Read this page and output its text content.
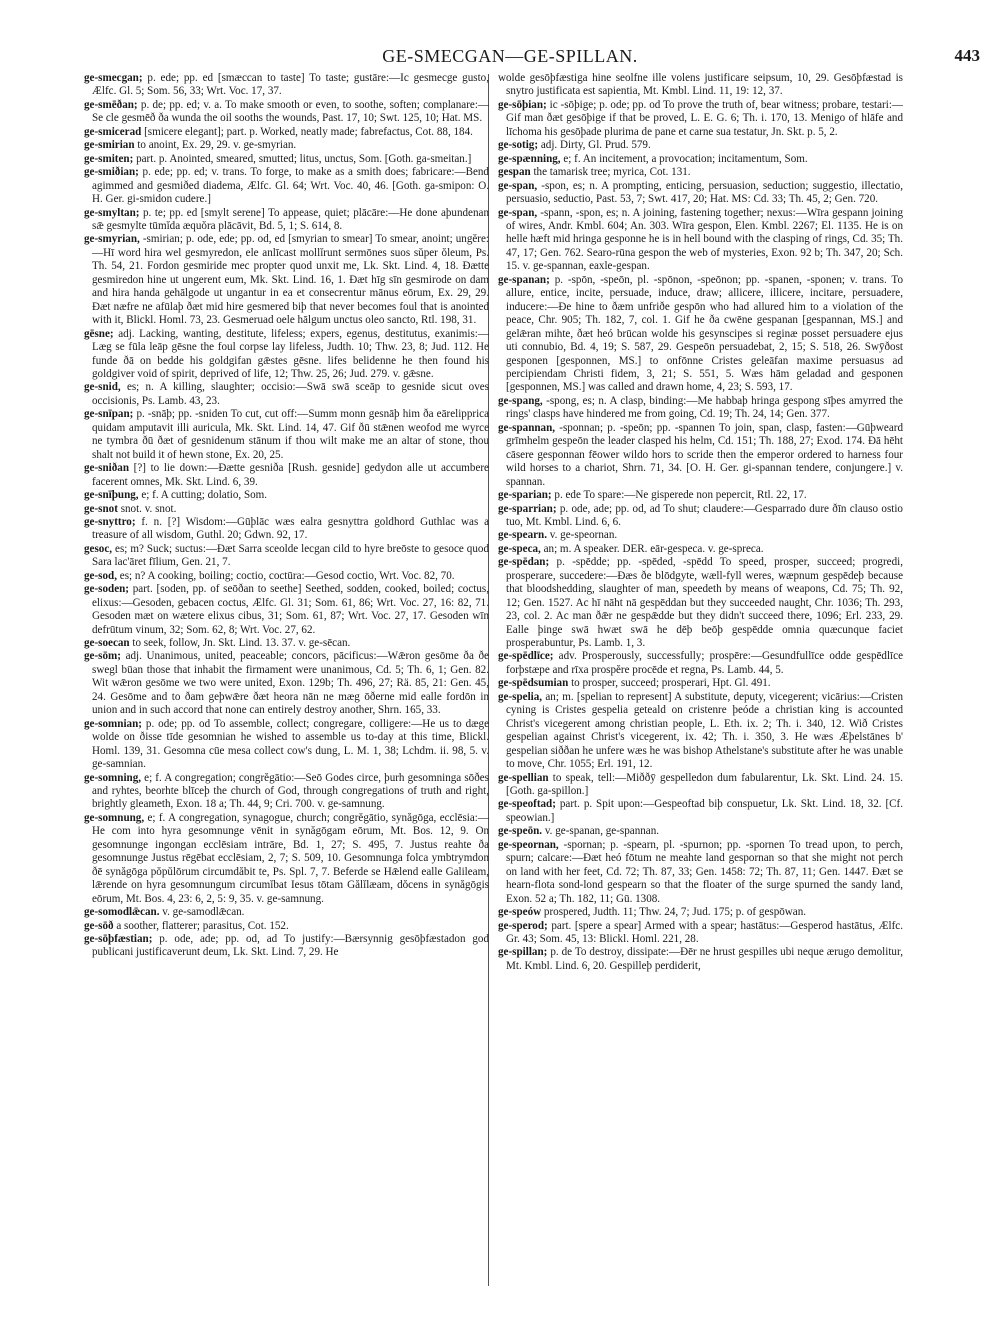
GE-SMECGAN—GE-SPILLAN.	443

ge-smecgan; p. ede; pp. ed [smæccan to taste] To taste; gustāre:—Ic gesmecge gusto, Ælfc. Gl. 5; Som. 56, 33; Wrt. Voc. 17, 37.

ge-smēðan; p. de; pp. ed; v. a. To make smooth or even, to soothe, soften; complanare:—Se cle gesmēð ða wunda the oil sooths the wounds, Past. 17, 10; Swt. 125, 10; Hat. MS.

ge-smicerad [smicere elegant]; part. p. Worked, neatly made; fabrefactus, Cot. 88, 184.

ge-smirian to anoint, Ex. 29, 29. v. ge-smyrian.

ge-smiten; part. p. Anointed, smeared, smutted; litus, unctus, Som. [Goth. ga-smeitan.]

ge-smiðian; p. ede; pp. ed; v. trans. To forge, to make as a smith does; fabricare:—Bend agimmed and gesmiðed diadema, Ælfc. Gl. 64; Wrt. Voc. 40, 46. [Goth. ga-smipon: O. H. Ger. gi-smidon cudere.]

ge-smyltan; p. te; pp. ed [smylt serene] To appease, quiet; plācāre:—He done aþundenan sǣ gesmylte tūmĭda æquŏra plācāvit, Bd. 5, 1; S. 614, 8.

ge-smyrian, -smirian; p. ode, ede; pp. od, ed [smyrian to smear] To smear, anoint; ungĕre:—Hī word hira wel gesmyredon, ele anlīcast mollĭrunt sermōnes suos sŭper ŏleum, Ps. Th. 54, 21. Fordon gesmiride mec propter quod unxit me, Lk. Skt. Lind. 4, 18. Ðætte gesmiredon hine ut ungerent eum, Mk. Skt. Lind. 16, 1. Ðæt hīg sīn gesmirode on dam and hira handa gehālgode ut ungantur in ea et consecrentur mānus eōrum, Ex. 29, 29. Ðæt næfre ne afūlaþ ðæt mid hire gesmered biþ that never becomes foul that is anointed with it, Blickl. Homl. 73, 23. Gesmeruad oele hālgum unctus oleo sancto, Rtl. 198, 31.

gēsne; adj. Lacking, wanting, destitute, lifeless; expers, egenus, destitutus, exanimis:—Læg se fūla leāp gēsne the foul corpse lay lifeless, Judth. 10; Thw. 23, 8; Jud. 112. He funde ðā on bedde his goldgifan gǣstes gēsne. lifes belidenne he then found his goldgiver void of spirit, deprived of life, 12; Thw. 25, 26; Jud. 279. v. gǣsne.

ge-snid, es; n. A killing, slaughter; occisio:—Swā swā sceāp to gesnide sicut oves occisionis, Ps. Lamb. 43, 23.

ge-snīpan; p. -snāþ; pp. -sniden To cut, cut off:—Summ monn gesnāþ him ða eārelipprica quidam amputavit illi auricula, Mk. Skt. Lind. 14, 47. Gif ðū stǣnen weofod me wyrce ne tymbra ðū ðæt of gesnidenum stānum if thou wilt make me an altar of stone, thou shalt not build it of hewn stone, Ex. 20, 25.

ge-sniðan [?] to lie down:—Ðætte gesniða [Rush. gesnide] gedydon alle ut accumbere facerent omnes, Mk. Skt. Lind. 6, 39.

ge-snīþung, e; f. A cutting; dolatio, Som.

ge-snot snot. v. snot.

ge-snyttro; f. n. [?] Wisdom:—Gūþlāc wæs ealra gesnyttra goldhord Guthlac was a treasure of all wisdom, Guthl. 20; Gdwn. 92, 17.

gesoc, es; m? Suck; suctus:—Ðæt Sarra sceolde lecgan cild to hyre breōste to gesoce quod Sara lac'āret fīlium, Gen. 21, 7.

ge-sod, es; n? A cooking, boiling; coctio, coctūra:—Gesod coctio, Wrt. Voc. 82, 70.

ge-soden; part. [soden, pp. of seōðan to seethe] Seethed, sodden, cooked, boiled; coctus, elixus:—Gesoden, gebacen coctus, Ælfc. Gl. 31; Som. 61, 86; Wrt. Voc. 27, 16: 82, 71. Gesoden mæt on wætere elixus cibus, 31; Som. 61, 87; Wrt. Voc. 27, 17. Gesoden wīn defrūtum vinum, 32; Som. 62, 8; Wrt. Voc. 27, 62.

ge-soecan to seek, follow, Jn. Skt. Lind. 13. 37. v. ge-sēcan.

ge-sōm; adj. Unanimous, united, peaceable; concors, pācificus:—Wǣron gesōme ða ðe swegl būan those that inhabit the firmament were unanimous, Cd. 5; Th. 6, 1; Gen. 82. Wit wǣron gesōme we two were united, Exon. 129b; Th. 496, 27; Rä. 85, 21: Gen. 45, 24. Gesōme and to ðam geþwǣre ðæt heora nān ne mæg ōðerne mid ealle fordōn in union and in such accord that none can entirely destroy another, Shrn. 165, 33.

ge-somnian; p. ode; pp. od To assemble, collect; congregare, colligere:—He us to dæge wolde on ðisse tīde gesomnian he wished to assemble us to-day at this time, Blickl. Homl. 139, 31. Gesomna cūe mesa collect cow's dung, L. M. 1, 38; Lchdm. ii. 98, 5. v. ge-samnian.

ge-somning, e; f. A congregation; congrĕgātio:—Seō Godes circe, þurh gesomninga sōðes and ryhtes, beorhte blīceþ the church of God, through congregations of truth and right, brightly gleameth, Exon. 18 a; Th. 44, 9; Cri. 700. v. ge-samnung.

ge-somnung, e; f. A congregation, synagogue, church; congrĕgātio, synăgōga, ecclēsia:—He com into hyra gesomnunge vēnit in synăgōgam eōrum, Mt. Bos. 12, 9. On gesomnunge ingongan ecclēsiam intrāre, Bd. 1, 27; S. 495, 7. Justus reahte ða gesomnunge Justus rēgēbat ecclēsiam, 2, 7; S. 509, 10. Gesomnunga folca ymbtrymdon ðē synăgōga pŏpŭlōrum circumdăbit te, Ps. Spl. 7, 7. Beferde se Hǣlend ealle Galileam, lǣrende on hyra gesomnungum circumĭbat Iesus tōtam Gălĭlæam, dŏcens in synăgōgis eōrum, Mt. Bos. 4, 23: 6, 2, 5: 9, 35. v. ge-samnung.

ge-somodlǣcan. v. ge-samodlǣcan.

ge-sōð a soother, flatterer; parasitus, Cot. 152.

ge-sōþfæstian; p. ode, ade; pp. od, ad To justify:—Bærsynnig gesōþfæstadon god publicani justificaverunt deum, Lk. Skt. Lind. 7, 29. He

wolde gesōþfæstiga hine seolfne ille volens justificare seipsum, 10, 29. Gesōþfæstad is snytro justificata est sapientia, Mt. Kmbl. Lind. 11, 19: 12, 37.

ge-sōþian; ic -sōþige; p. ode; pp. od To prove the truth of, bear witness; probare, testari:—Gif man ðæt gesōþige if that be proved, L. E. G. 6; Th. i. 170, 13. Menigo of hlāfe and līchoma his gesōþade plurima de pane et carne sua testatur, Jn. Skt. p. 5, 2.

ge-sotig; adj. Dirty, Gl. Prud. 579.

ge-spænning, e; f. An incitement, a provocation; incitamentum, Som.

gespan the tamarisk tree; myrica, Cot. 131.

ge-span, -spon, es; n. A prompting, enticing, persuasion, seduction; suggestio, illectatio, persuasio, seductio, Past. 53, 7; Swt. 417, 20; Hat. MS: Cd. 33; Th. 45, 2; Gen. 720.

ge-span, -spann, -spon, es; n. A joining, fastening together; nexus:—Wīra gespann joining of wires, Andr. Kmbl. 604; An. 303. Wīra gespon, Elen. Kmbl. 2267; El. 1135. He is on helle hæft mid hringa gesponne he is in hell bound with the clasping of rings, Cd. 35; Th. 47, 17; Gen. 762. Searo-rūna gespon the web of mysteries, Exon. 92 b; Th. 347, 20; Sch. 15. v. ge-spannan, eaxle-gespan.

ge-spanan; p. -spōn, -speōn, pl. -spōnon, -speōnon; pp. -spanen, -sponen; v. trans. To allure, entice, incite, persuade, induce, draw; allicere, illicere, incitare, persuadere, inducere:—Ðe hine to ðæm unfriðe gespōn who had allured him to a violation of the peace, Chr. 905; Th. 182, 7, col. 1. Gif he ða cwēne gespanan [gespannan, MS.] and gelǣran mihte, ðæt heó brūcan wolde his gesynscipes si reginæ posset persuadere ejus uti connubio, Bd. 4, 19; S. 587, 29. Gespeōn persuadebat, 2, 15; S. 518, 26. Swȳðost gesponen [gesponnen, MS.] to onfōnne Cristes geleāfan maxime persuasus ad percipiendam Christi fidem, 3, 21; S. 551, 5. Wæs hām geladad and gesponen [gesponnen, MS.] was called and drawn home, 4, 23; S. 593, 17.

ge-spang, -spong, es; n. A clasp, binding:—Me habbaþ hringa gespong sīþes amyrred the rings' clasps have hindered me from going, Cd. 19; Th. 24, 14; Gen. 377.

ge-spannan, -sponnan; p. -speōn; pp. -spannen To join, span, clasp, fasten:—Gūþweard grīmhelm gespeōn the leader clasped his helm, Cd. 151; Th. 188, 27; Exod. 174. Ðā hēht cāsere gesponnan fēower wildo hors to scride then the emperor ordered to harness four wild horses to a chariot, Shrn. 71, 34. [O. H. Ger. gi-spannan tendere, conjungere.] v. spannan.

ge-sparian; p. ede To spare:—Ne gisperede non pepercit, Rtl. 22, 17.

ge-sparrian; p. ode, ade; pp. od, ad To shut; claudere:—Gesparrado dure ðīn clauso ostio tuo, Mt. Kmbl. Lind. 6, 6.

ge-spearn. v. ge-speornan.

ge-speca, an; m. A speaker. DER. eār-gespeca. v. ge-spreca.

ge-spēdan; p. -spēdde; pp. -spēded, -spēdd To speed, prosper, succeed; progredi, prosperare, succedere:—Ðæs ðe blōdgyte, wæll-fyll weres, wæpnum gespēdeþ because that bloodshedding, slaughter of man, speedeth by means of weapons, Cd. 75; Th. 92, 12; Gen. 1527. Ac hī nāht nā gespēddan but they succeeded naught, Chr. 1036; Th. 293, 23, col. 2. Ac man ðǣr ne gespǣdde but they didn't succeed there, 1096; Erl. 233, 29. Ealle þinge swā hwæt swā he dēþ beōþ gespēdde omnia quæcunque faciet prosperabuntur, Ps. Lamb. 1, 3.

ge-spēdlīce; adv. Prosperously, successfully; prospēre:—Gesundfullīce odde gespēdlīce forþstæpe and rīxa prospĕre procēde et regna, Ps. Lamb. 44, 5.

ge-spēdsumian to prosper, succeed; prosperari, Hpt. Gl. 491.

ge-spelia, an; m. [spelian to represent] A substitute, deputy, vicegerent; vicārius:—Cristen cyning is Cristes gespelia geteald on cristenre þeóde a christian king is accounted Christ's vicegerent among christian people, L. Eth. ix. 2; Th. i. 340, 12. Wið Cristes gespelian against Christ's vicegerent, ix. 42; Th. i. 350, 3. He wæs Æþelstānes b' gespelian siððan he unfere wæs he was bishop Athelstane's substitute after he was unable to move, Chr. 1055; Erl. 191, 12.

ge-spellian to speak, tell:—Miððȳ gespelledon dum fabularentur, Lk. Skt. Lind. 24. 15. [Goth. ga-spillon.]

ge-speoftad; part. p. Spit upon:—Gespeoftad biþ conspuetur, Lk. Skt. Lind. 18, 32. [Cf. speowian.]

ge-speōn. v. ge-spanan, ge-spannan.

ge-speornan, -spornan; p. -spearn, pl. -spurnon; pp. -spornen To tread upon, to perch, spurn; calcare:—Ðæt heó fōtum ne meahte land gespornan so that she might not perch on land with her feet, Cd. 72; Th. 87, 33; Gen. 1458: 72; Th. 87, 11; Gen. 1447. Ðæt se hearn-flota sond-lond gespearn so that the floater of the surge spurned the sandy land, Exon. 52 a; Th. 182, 11; Gū. 1308.

ge-speów prospered, Judth. 11; Thw. 24, 7; Jud. 175; p. of gespōwan.

ge-sperod; part. [spere a spear] Armed with a spear; hastātus:—Gesperod hastātus, Ælfc. Gr. 43; Som. 45, 13: Blickl. Homl. 221, 28.

ge-spillan; p. de To destroy, dissipate:—Ðēr ne hrust gespilles ubi neque ærugo demolitur, Mt. Kmbl. Lind. 6, 20. Gespilleþ perdiderit,
